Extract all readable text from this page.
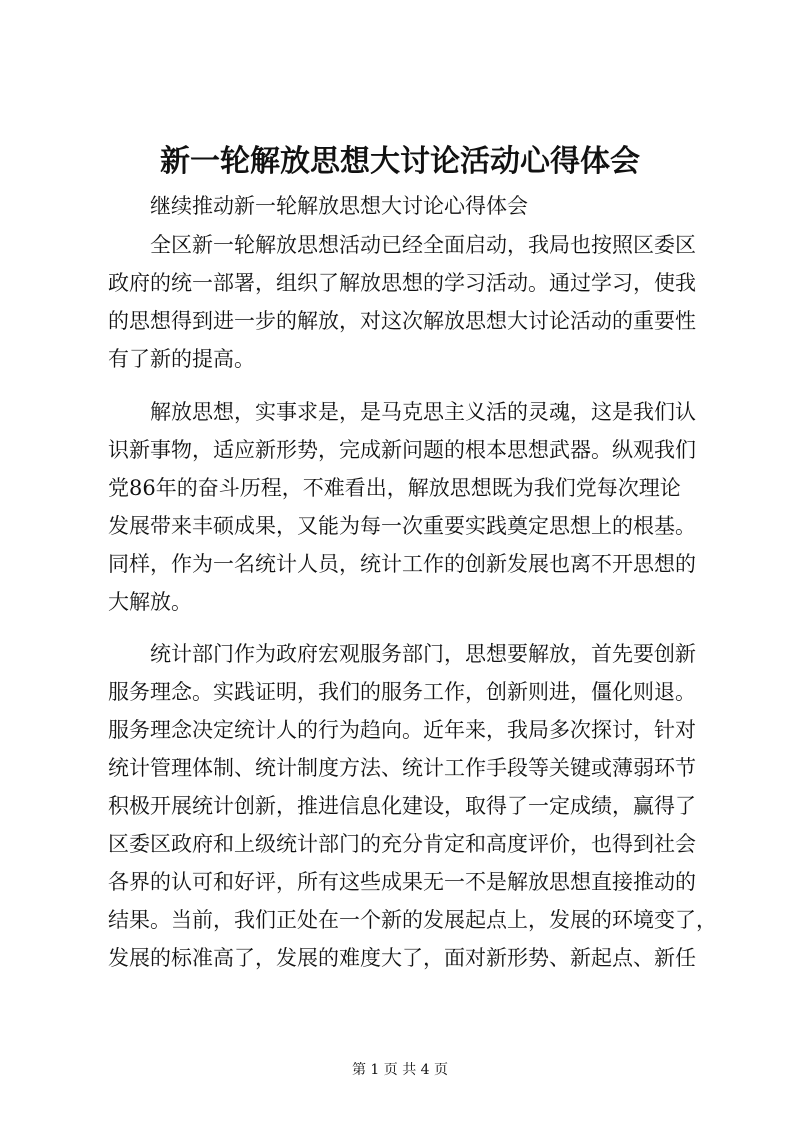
新一轮解放思想大讨论活动心得体会

　　继续推动新一轮解放思想大讨论心得体会

　　全区新一轮解放思想活动已经全面启动，我局也按照区委区

政府的统一部署，组织了解放思想的学习活动。通过学习，使我

的思想得到进一步的解放，对这次解放思想大讨论活动的重要性

有了新的提高。

　　解放思想，实事求是，是马克思主义活的灵魂，这是我们认

识新事物，适应新形势，完成新问题的根本思想武器。纵观我们

党86年的奋斗历程，不难看出，解放思想既为我们党每次理论

发展带来丰硕成果，又能为每一次重要实践奠定思想上的根基。

同样，作为一名统计人员，统计工作的创新发展也离不开思想的

大解放。

　　统计部门作为政府宏观服务部门，思想要解放，首先要创新

服务理念。实践证明，我们的服务工作，创新则进，僵化则退。

服务理念决定统计人的行为趋向。近年来，我局多次探讨，针对

统计管理体制、统计制度方法、统计工作手段等关键或薄弱环节

积极开展统计创新，推进信息化建设，取得了一定成绩，赢得了

区委区政府和上级统计部门的充分肯定和高度评价，也得到社会

各界的认可和好评，所有这些成果无一不是解放思想直接推动的

结果。当前，我们正处在一个新的发展起点上，发展的环境变了，

发展的标准高了，发展的难度大了，面对新形势、新起点、新任

第 1 页 共 4 页
